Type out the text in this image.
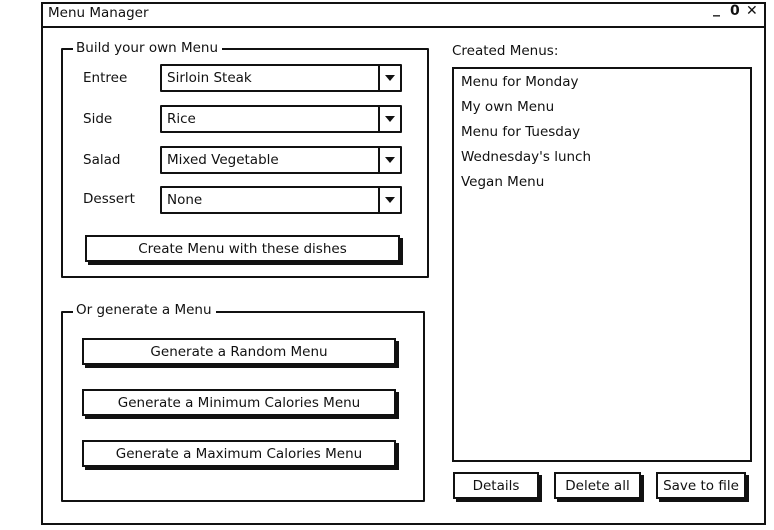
Menu Manager	_ 0 ✕
Build your own Menu
Entree	Sirloin Steak
Side	Rice
Salad	Mixed Vegetable
Dessert None
Create Menu with these dishes
Or generate a Menu
Generate a Random Menu
Generate a Minimum Calories Menu
Generate a Maximum Calories Menu
Created Menus:
Menu for Monday
My own Menu
Menu for Tuesday
Wednesday's lunch
Vegan Menu
Details	Delete all	Save to file
